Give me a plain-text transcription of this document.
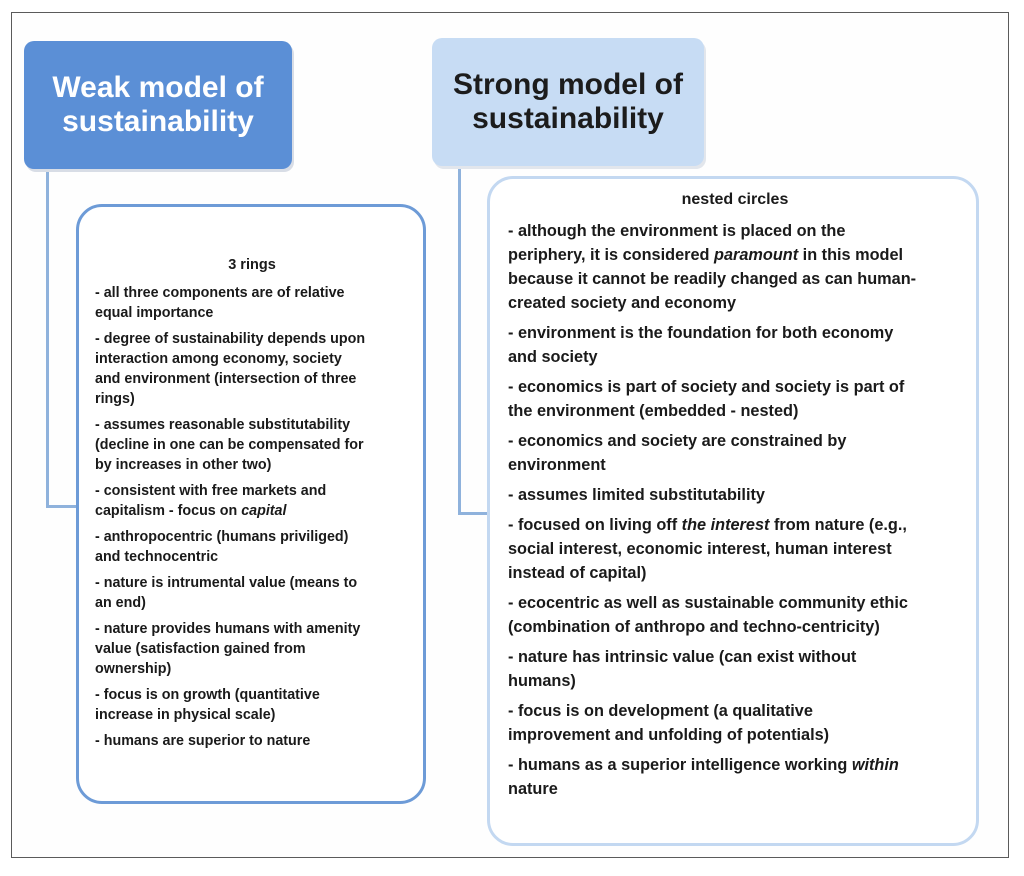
Weak model of
sustainability
Strong model of
sustainability
3 rings
- all three components are of relative
equal importance
- degree of sustainability depends upon
interaction among economy, society
and environment (intersection of three
rings)
- assumes reasonable substitutability
(decline in one can be compensated for
by increases in other two)
- consistent with free markets and
capitalism - focus on capital
- anthropocentric (humans priviliged)
and technocentric
- nature is intrumental value (means to
an end)
- nature provides humans with amenity
value (satisfaction gained from
ownership)
- focus is on growth (quantitative
increase in physical scale)
- humans are superior to nature
nested circles
- although the environment is placed on the
periphery, it is considered paramount in this model
because it cannot be readily changed as can human-
created society and economy
- environment is the foundation for both economy
and society
- economics is part of society and society is part of
the environment (embedded - nested)
- economics and society are constrained by
environment
- assumes limited substitutability
- focused on living off the interest from nature (e.g.,
social interest, economic interest, human interest
instead of capital)
- ecocentric as well as sustainable community ethic
(combination of anthropo and techno-centricity)
- nature has intrinsic value (can exist without
humans)
- focus is on development (a qualitative
improvement and unfolding of potentials)
- humans as a superior intelligence working within
nature
